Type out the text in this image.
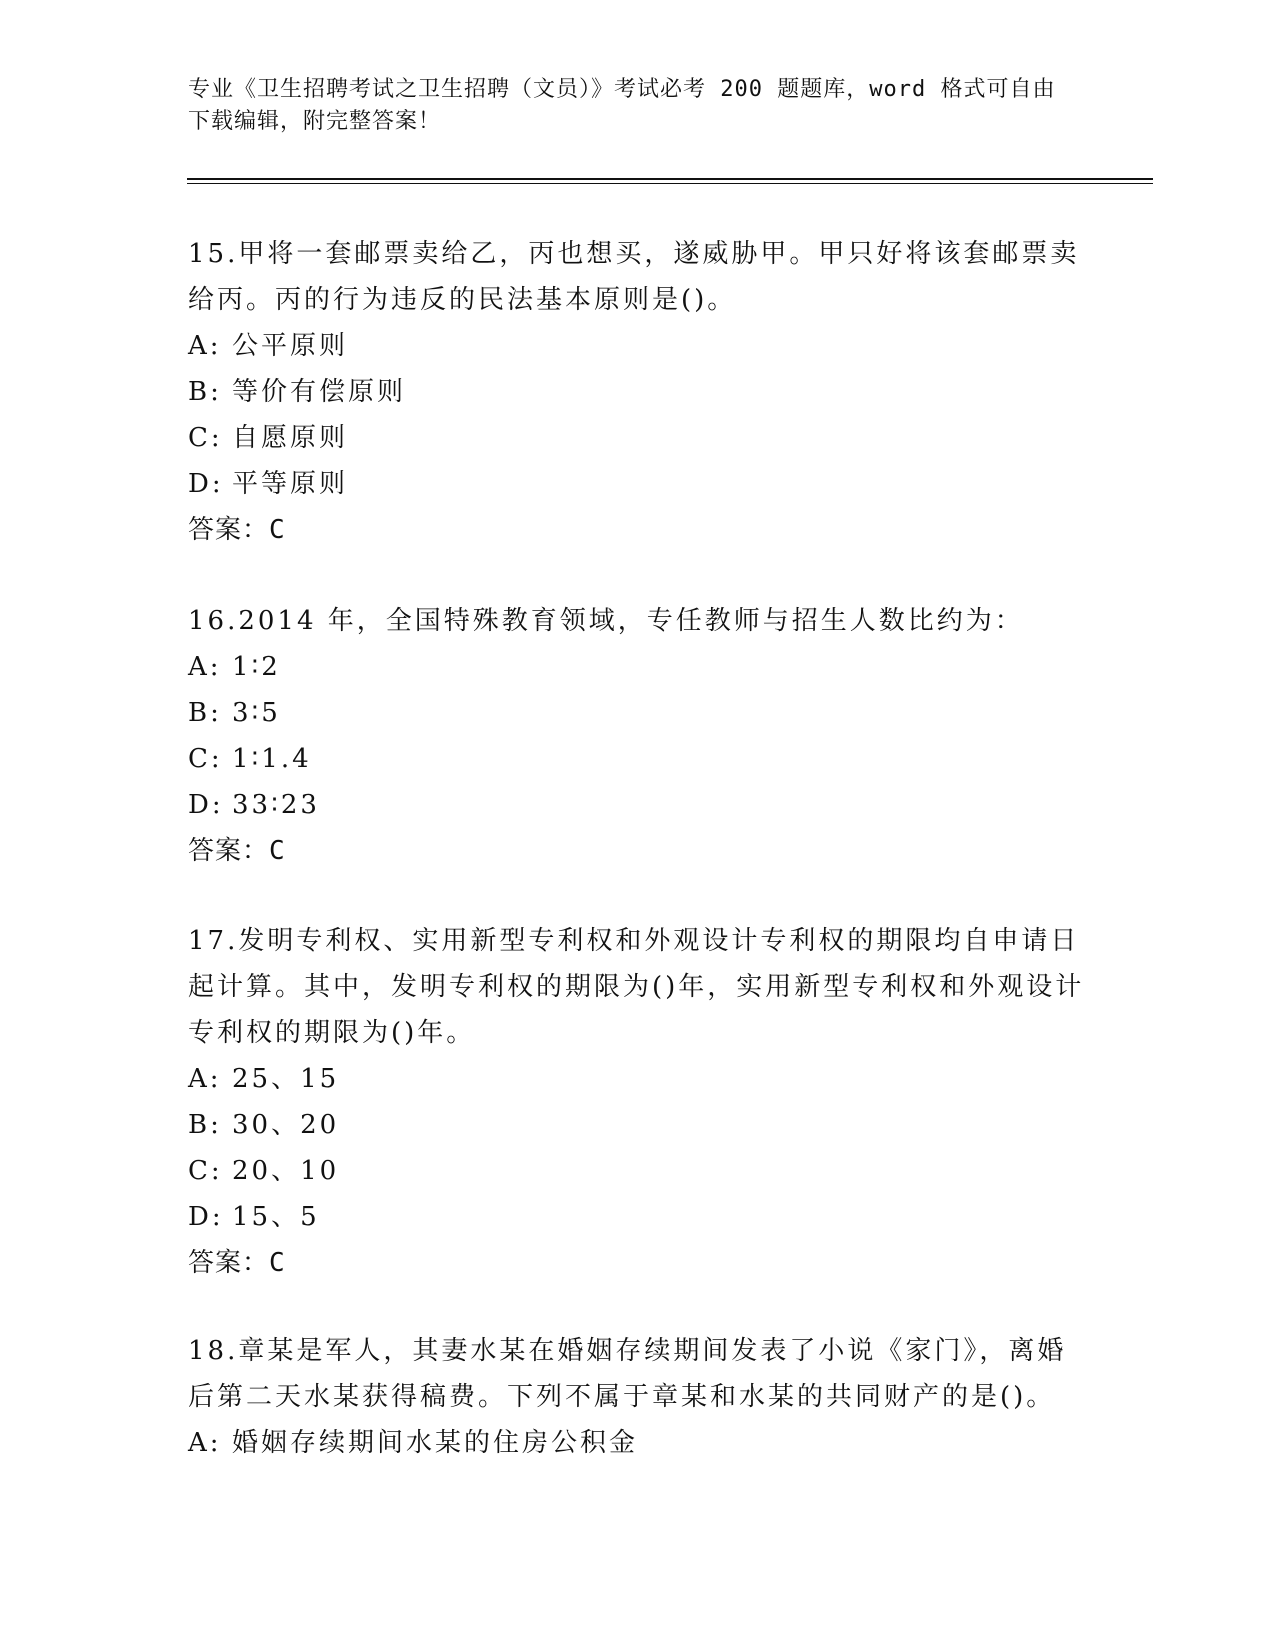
专业《卫生招聘考试之卫生招聘（文员）》考试必考 200 题题库，word 格式可自由下载编辑，附完整答案！
15.甲将一套邮票卖给乙，丙也想买，遂威胁甲。甲只好将该套邮票卖给丙。丙的行为违反的民法基本原则是()。
A: 公平原则
B: 等价有偿原则
C: 自愿原则
D: 平等原则
答案：C
16.2014 年，全国特殊教育领域，专任教师与招生人数比约为：
A: 1∶2
B: 3∶5
C: 1∶1.4
D: 33∶23
答案：C
17.发明专利权、实用新型专利权和外观设计专利权的期限均自申请日起计算。其中，发明专利权的期限为()年，实用新型专利权和外观设计专利权的期限为()年。
A: 25、15
B: 30、20
C: 20、10
D: 15、5
答案：C
18.章某是军人，其妻水某在婚姻存续期间发表了小说《家门》，离婚后第二天水某获得稿费。下列不属于章某和水某的共同财产的是()。
A: 婚姻存续期间水某的住房公积金
